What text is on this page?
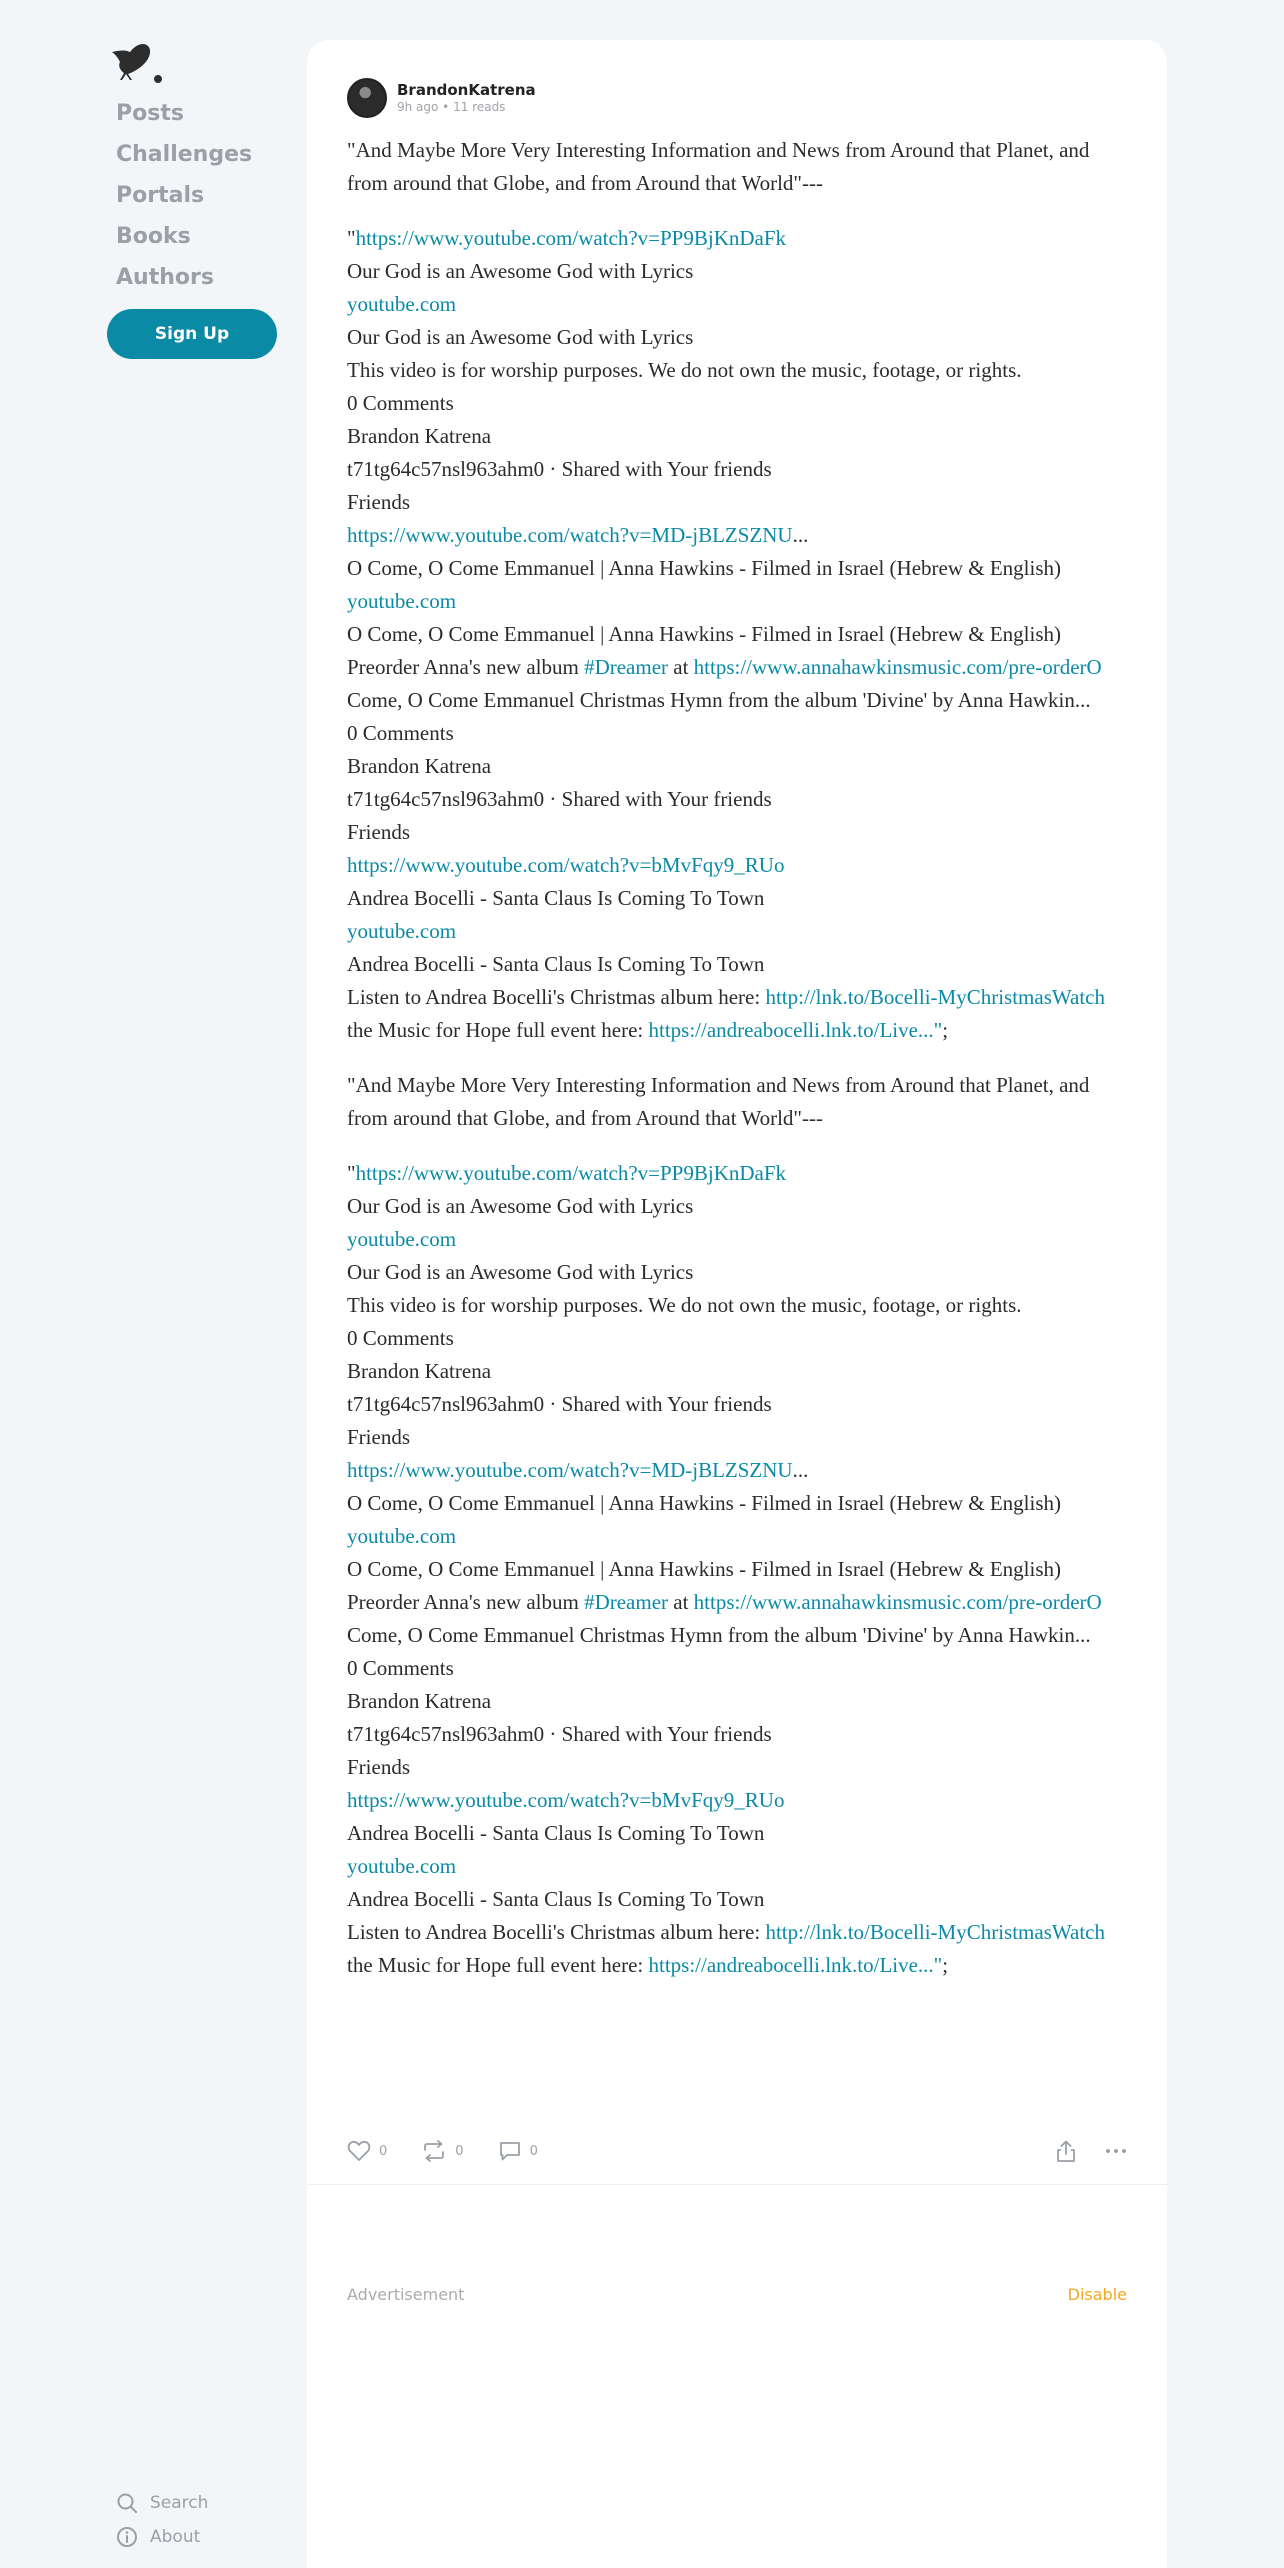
Posts
Challenges
Portals
Books
Authors
Sign Up
Search
About
BrandonKatrena
9h ago • 11 reads

"And Maybe More Very Interesting Information and News from Around that Planet, and from around that Globe, and from Around that World"---

"https://www.youtube.com/watch?v=PP9BjKnDaFk

Our God is an Awesome God with Lyrics

youtube.com

Our God is an Awesome God with Lyrics

This video is for worship purposes. We do not own the music, footage, or rights.

0 Comments

Brandon Katrena

t71tg64c57nsl963ahm0 · Shared with Your friends

Friends

https://www.youtube.com/watch?v=MD-jBLZSZNU...

O Come, O Come Emmanuel | Anna Hawkins - Filmed in Israel (Hebrew & English)

youtube.com

O Come, O Come Emmanuel | Anna Hawkins - Filmed in Israel (Hebrew & English)

Preorder Anna's new album #Dreamer at https://www.annahawkinsmusic.com/pre-orderO Come, O Come Emmanuel Christmas Hymn from the album 'Divine' by Anna Hawkin...

0 Comments

Brandon Katrena

t71tg64c57nsl963ahm0 · Shared with Your friends

Friends

https://www.youtube.com/watch?v=bMvFqy9_RUo

Andrea Bocelli - Santa Claus Is Coming To Town

youtube.com

Andrea Bocelli - Santa Claus Is Coming To Town

Listen to Andrea Bocelli's Christmas album here: http://lnk.to/Bocelli-MyChristmasWatch the Music for Hope full event here: https://andreabocelli.lnk.to/Live...";

"And Maybe More Very Interesting Information and News from Around that Planet, and from around that Globe, and from Around that World"---

"https://www.youtube.com/watch?v=PP9BjKnDaFk

Our God is an Awesome God with Lyrics

youtube.com

Our God is an Awesome God with Lyrics

This video is for worship purposes. We do not own the music, footage, or rights.

0 Comments

Brandon Katrena

t71tg64c57nsl963ahm0 · Shared with Your friends

Friends

https://www.youtube.com/watch?v=MD-jBLZSZNU...

O Come, O Come Emmanuel | Anna Hawkins - Filmed in Israel (Hebrew & English)

youtube.com

O Come, O Come Emmanuel | Anna Hawkins - Filmed in Israel (Hebrew & English)

Preorder Anna's new album #Dreamer at https://www.annahawkinsmusic.com/pre-orderO Come, O Come Emmanuel Christmas Hymn from the album 'Divine' by Anna Hawkin...

0 Comments

Brandon Katrena

t71tg64c57nsl963ahm0 · Shared with Your friends

Friends

https://www.youtube.com/watch?v=bMvFqy9_RUo

Andrea Bocelli - Santa Claus Is Coming To Town

youtube.com

Andrea Bocelli - Santa Claus Is Coming To Town

Listen to Andrea Bocelli's Christmas album here: http://lnk.to/Bocelli-MyChristmasWatch the Music for Hope full event here: https://andreabocelli.lnk.to/Live...";

0	0	0
Advertisement	Disable
